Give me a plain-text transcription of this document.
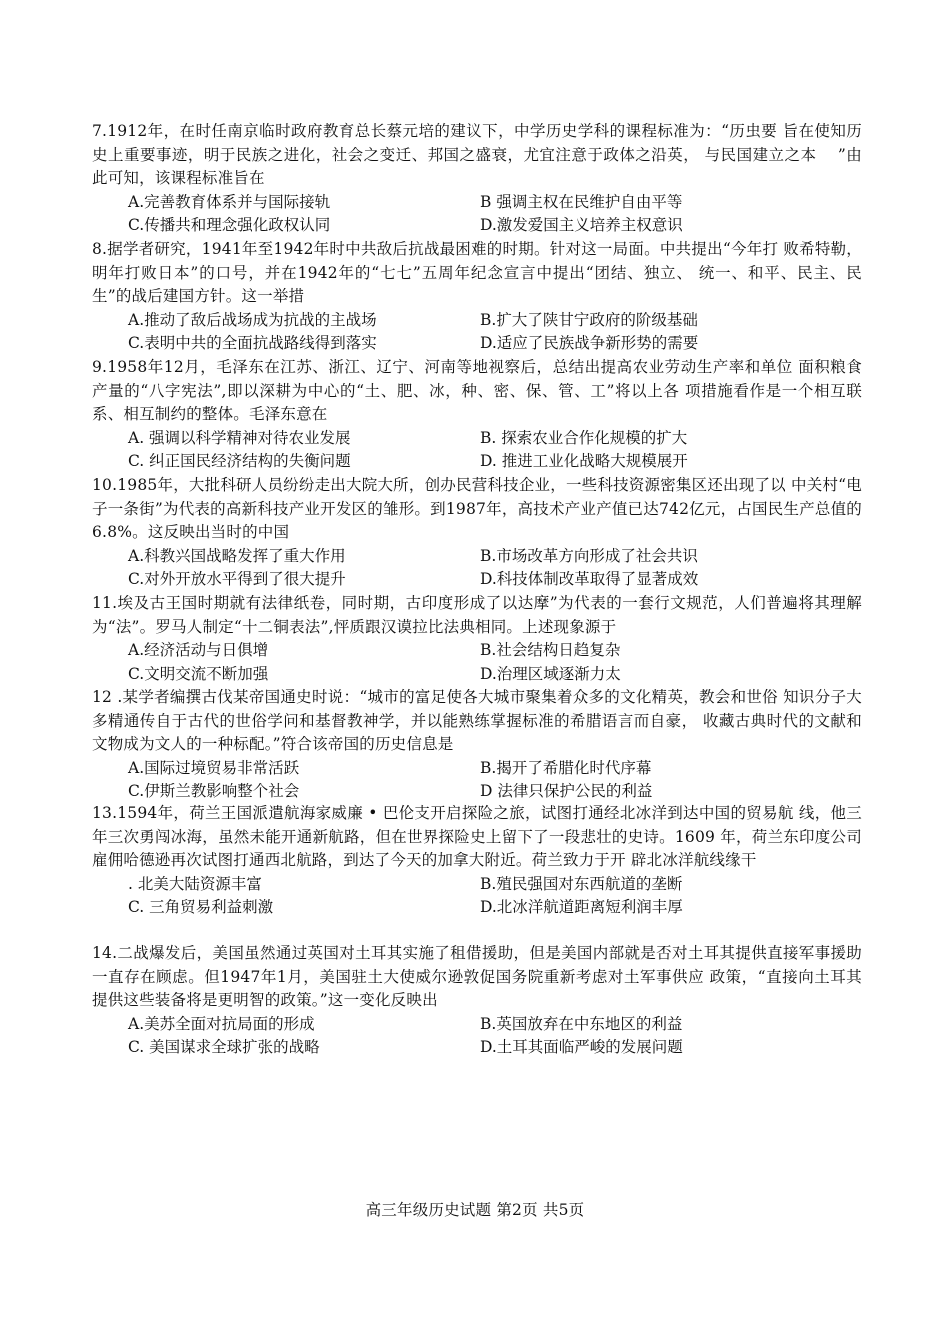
7.1912年，在时任南京临时政府教育总长蔡元培的建议下，中学历史学科的课程标准为：“历虫要 旨在使知历史上重要事迹，明于民族之进化，社会之变迁、邦国之盛衰，尤宜注意于政体之沿英， 与民国建立之本　 ”由此可知，该课程标准旨在

A.完善教育体系并与国际接轨	B 强调主权在民维护自由平等
C.传播共和理念强化政权认同	D.激发爱国主义培养主权意识

8.据学者研究，1941年至1942年时中共敌后抗战最困难的时期。针对这一局面。中共提出“今年打 败希特勒，明年打败日本”的口号，并在1942年的“七七”五周年纪念宣言中提出“团结、独立、 统一、和平、民主、民生”的战后建国方针。这一举措

A.推动了敌后战场成为抗战的主战场	B.扩大了陕甘宁政府的阶级基础
C.表明中共的全面抗战路线得到落实	D.适应了民族战争新形势的需要

9.1958年12月，毛泽东在江苏、浙江、辽宁、河南等地视察后，总结出提高农业劳动生产率和单位 面积粮食产量的“八字宪法”,即以深耕为中心的“土、肥、冰，种、密、保、管、工”将以上各 项措施看作是一个相互联系、相互制约的整体。毛泽东意在

A. 强调以科学精神对待农业发展	B. 探索农业合作化规模的扩大
C. 纠正国民经济结构的失衡问题	D. 推进工业化战略大规模展开

10.1985年，大批科研人员纷纷走出大院大所，创办民营科技企业，一些科技资源密集区还出现了以 中关村“电子一条街”为代表的高新科技产业开发区的雏形。到1987年，高技术产业产值已达742亿元，占国民生产总值的6.8%。这反映出当时的中国

A.科教兴国战略发挥了重大作用	B.市场改革方向形成了社会共识
C.对外开放水平得到了很大提升	D.科技体制改革取得了显著成效

11.埃及古王国时期就有法律纸卷，同时期，古印度形成了以达摩”为代表的一套行文规范，人们普遍将其理解为“法”。罗马人制定“十二铜表法”,怦质跟汉谟拉比法典相同。上述现象源于

A.经济活动与日俱增	B.社会结构日趋复杂
C.文明交流不断加强	D.治理区域逐渐力太

12 .某学者编撰古伐某帝国通史时说：“城市的富足使各大城市聚集着众多的文化精英，教会和世俗 知识分子大多精通传自于古代的世俗学问和基督教神学，并以能熟练掌握标准的希腊语言而自豪， 收藏古典时代的文献和文物成为文人的一种标配。”符合该帝国的历史信息是

A.国际过境贸易非常活跃	B.揭开了希腊化时代序幕
C.伊斯兰教影响整个社会	D 法律只保护公民的利益

13.1594年，荷兰王国派遣航海家威廉 • 巴伦支开启探险之旅，试图打通经北冰洋到达中国的贸易航 线，他三年三次勇闯冰海，虽然未能开通新航路，但在世界探险史上留下了一段悲壮的史诗。1609 年，荷兰东印度公司雇佣哈德逊再次试图打通西北航路，到达了今天的加拿大附近。荷兰致力于开 辟北冰洋航线缘干

. 北美大陆资源丰富	B.殖民强国对东西航道的垄断
C. 三角贸易利益刺激	D.北冰洋航道距离短利润丰厚

14.二战爆发后，美国虽然通过英国对土耳其实施了租借援助，但是美国内部就是否对土耳其提供直接军事援助一直存在顾虑。但1947年1月，美国驻土大使威尔逊敦促国务院重新考虑对土军事供应 政策，“直接向土耳其提供这些装备将是更明智的政策。”这一变化反映出

A.美苏全面对抗局面的形成	B.英国放弃在中东地区的利益
C. 美国谋求全球扩张的战略	D.土耳其面临严峻的发展问题
高三年级历史试题 第2页 共5页
